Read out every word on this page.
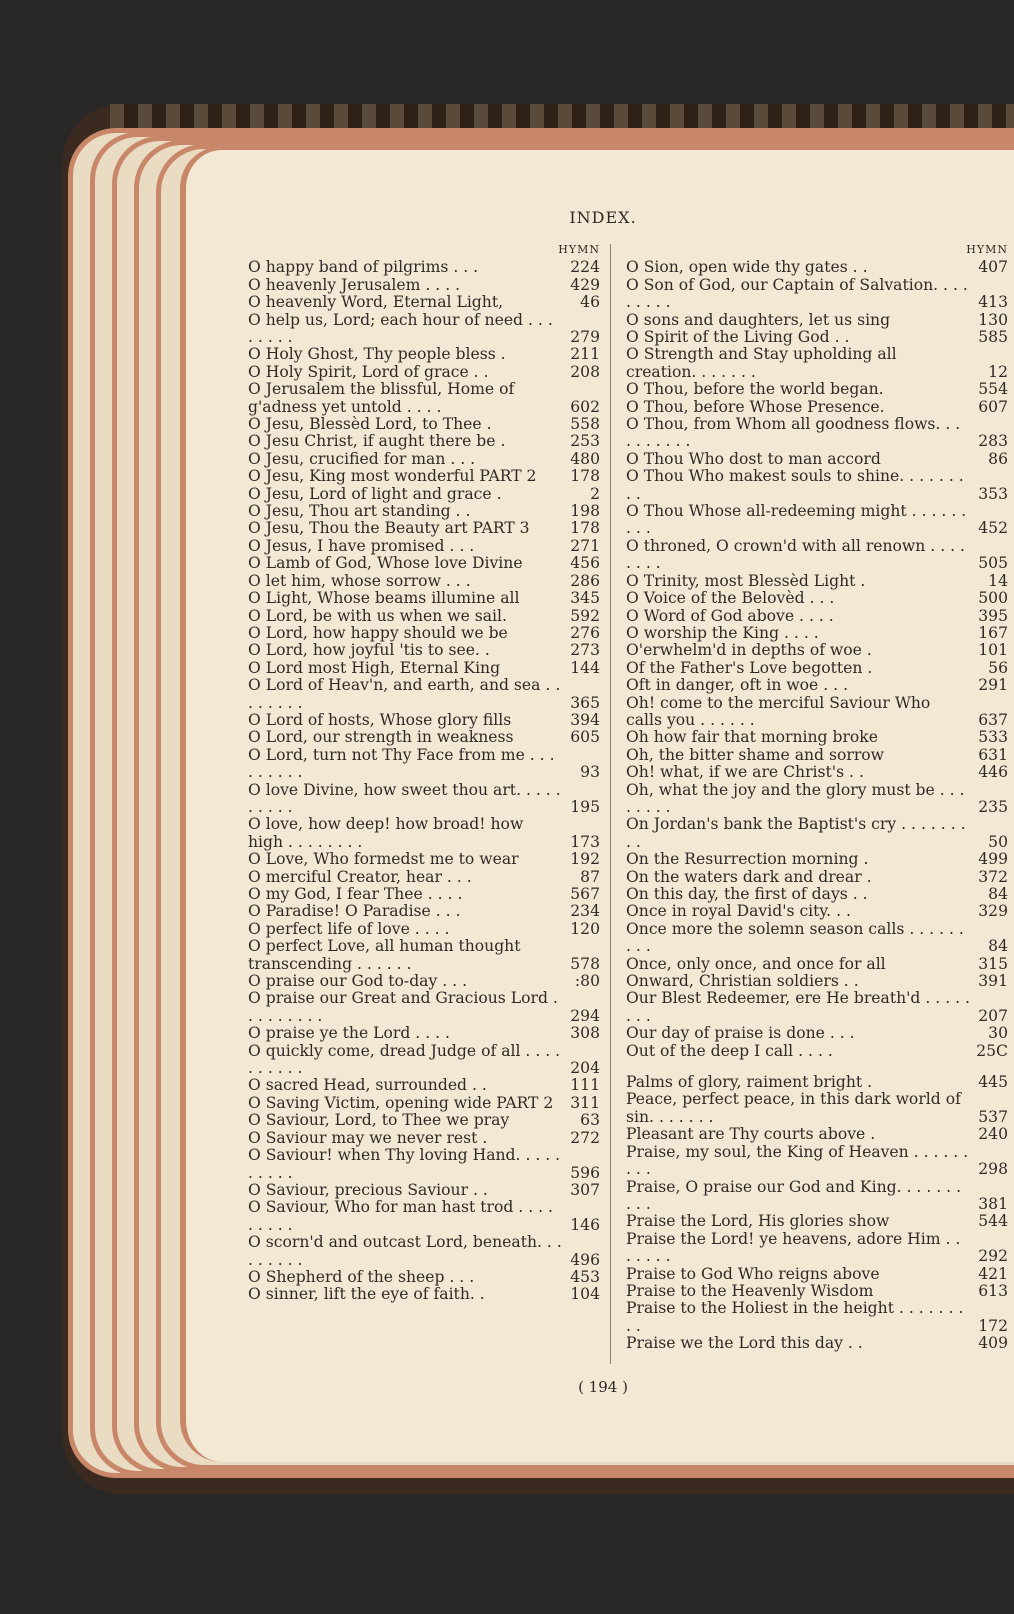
INDEX.
HYMN
O happy band of pilgrims . . .	224
O heavenly Jerusalem . . . .	429
O heavenly Word, Eternal Light,	46
O help us, Lord; each hour of need . . . . . . . .	279
O Holy Ghost, Thy people bless .	211
O Holy Spirit, Lord of grace . .	208
O Jerusalem the blissful, Home of g'adness yet untold . . . .	602
O Jesu, Blessèd Lord, to Thee .	558
O Jesu Christ, if aught there be .	253
O Jesu, crucified for man . . .	480
O Jesu, King most wonderful PART 2	178
O Jesu, Lord of light and grace .	2
O Jesu, Thou art standing . .	198
O Jesu, Thou the Beauty art PART 3	178
O Jesus, I have promised . . .	271
O Lamb of God, Whose love Divine	456
O let him, whose sorrow . . .	286
O Light, Whose beams illumine all	345
O Lord, be with us when we sail.	592
O Lord, how happy should we be	276
O Lord, how joyful 'tis to see. .	273
O Lord most High, Eternal King	144
O Lord of Heav'n, and earth, and sea . . . . . . . .	365
O Lord of hosts, Whose glory fills	394
O Lord, our strength in weakness	605
O Lord, turn not Thy Face from me . . . . . . . . .	93
O love Divine, how sweet thou art. . . . . . . . . .	195
O love, how deep! how broad! how high . . . . . . . .	173
O Love, Who formedst me to wear	192
O merciful Creator, hear . . .	87
O my God, I fear Thee . . . .	567
O Paradise! O Paradise . . .	234
O perfect life of love . . . .	120
O perfect Love, all human thought transcending . . . . . .	578
O praise our God to-day . . .	:80
O praise our Great and Gracious Lord . . . . . . . . .	294
O praise ye the Lord . . . .	308
O quickly come, dread Judge of all . . . . . . . . . .	204
O sacred Head, surrounded . .	111
O Saving Victim, opening wide PART 2	311
O Saviour, Lord, to Thee we pray	63
O Saviour may we never rest .	272
O Saviour! when Thy loving Hand. . . . . . . . . .	596
O Saviour, precious Saviour . .	307
O Saviour, Who for man hast trod . . . . . . . . .	146
O scorn'd and outcast Lord, beneath. . . . . . . . .	496
O Shepherd of the sheep . . .	453
O sinner, lift the eye of faith. .	104
HYMN
O Sion, open wide thy gates . .	407
O Son of God, our Captain of Salvation. . . . . . . . .	413
O sons and daughters, let us sing	130
O Spirit of the Living God . .	585
O Strength and Stay upholding all creation. . . . . . .	12
O Thou, before the world began.	554
O Thou, before Whose Presence.	607
O Thou, from Whom all goodness flows. . . . . . . . . .	283
O Thou Who dost to man accord	86
O Thou Who makest souls to shine. . . . . . . . .	353
O Thou Whose all-redeeming might . . . . . . . . .	452
O throned, O crown'd with all renown . . . . . . . .	505
O Trinity, most Blessèd Light .	14
O Voice of the Belovèd . . .	500
O Word of God above . . . .	395
O worship the King . . . .	167
O'erwhelm'd in depths of woe .	101
Of the Father's Love begotten .	56
Oft in danger, oft in woe . . .	291
Oh! come to the merciful Saviour Who calls you . . . . . .	637
Oh how fair that morning broke	533
Oh, the bitter shame and sorrow	631
Oh! what, if we are Christ's . .	446
Oh, what the joy and the glory must be . . . . . . . .	235
On Jordan's bank the Baptist's cry . . . . . . . . .	50
On the Resurrection morning .	499
On the waters dark and drear .	372
On this day, the first of days . .	84
Once in royal David's city. . .	329
Once more the solemn season calls . . . . . . . . .	84
Once, only once, and once for all	315
Onward, Christian soldiers . .	391
Our Blest Redeemer, ere He breath'd . . . . . . . .	207
Our day of praise is done . . .	30
Out of the deep I call . . . .	25C
Palms of glory, raiment bright .	445
Peace, perfect peace, in this dark world of sin. . . . . . .	537
Pleasant are Thy courts above .	240
Praise, my soul, the King of Heaven . . . . . . . . .	298
Praise, O praise our God and King. . . . . . . . . .	381
Praise the Lord, His glories show	544
Praise the Lord! ye heavens, adore Him . . . . . . .	292
Praise to God Who reigns above	421
Praise to the Heavenly Wisdom	613
Praise to the Holiest in the height . . . . . . . . .	172
Praise we the Lord this day . .	409
( 194 )
